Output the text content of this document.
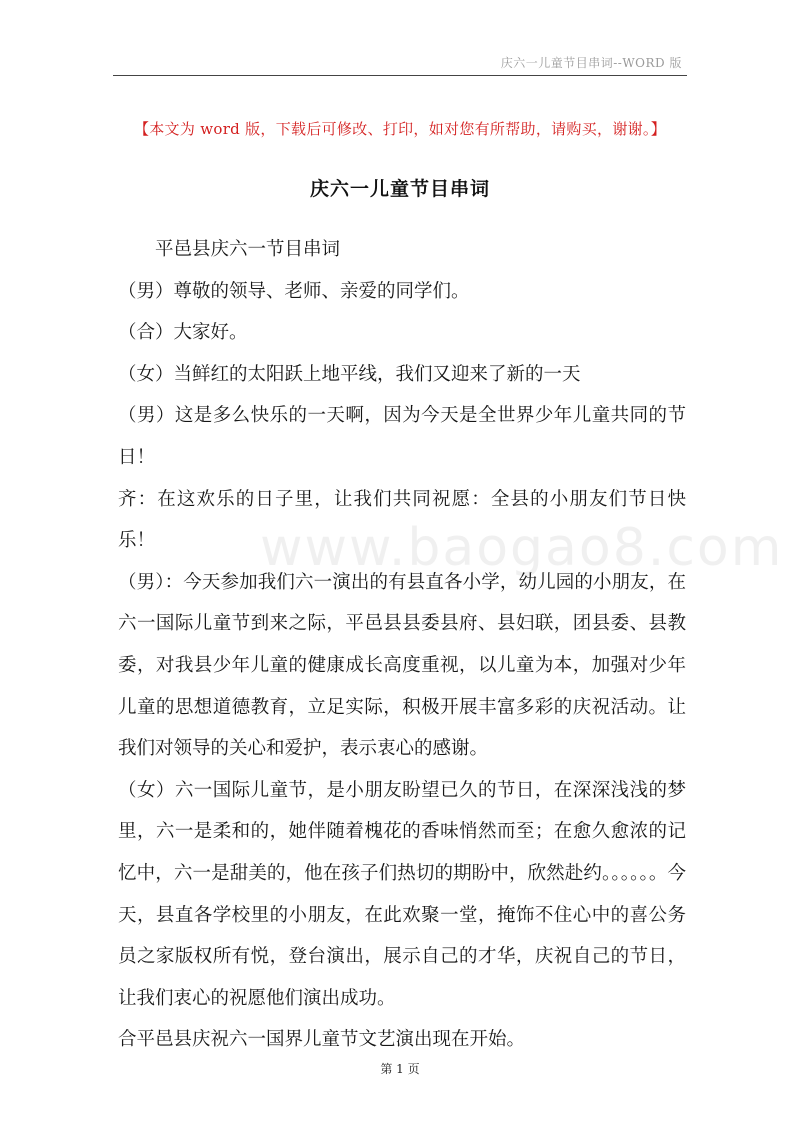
庆六一儿童节目串词--WORD 版
【本文为 word 版，下载后可修改、打印，如对您有所帮助，请购买，谢谢。】
庆六一儿童节目串词
www.baogao8.com

平邑县庆六一节目串词

（男）尊敬的领导、老师、亲爱的同学们。

（合）大家好。

（女）当鲜红的太阳跃上地平线，我们又迎来了新的一天

（男）这是多么快乐的一天啊，因为今天是全世界少年儿童共同的节日！

齐：在这欢乐的日子里，让我们共同祝愿：全县的小朋友们节日快乐！

（男）：今天参加我们六一演出的有县直各小学，幼儿园的小朋友，在六一国际儿童节到来之际，平邑县县委县府、县妇联，团县委、县教委，对我县少年儿童的健康成长高度重视，以儿童为本，加强对少年儿童的思想道德教育，立足实际，积极开展丰富多彩的庆祝活动。让我们对领导的关心和爱护，表示衷心的感谢。

（女）六一国际儿童节，是小朋友盼望已久的节日，在深深浅浅的梦里，六一是柔和的，她伴随着槐花的香味悄然而至；在愈久愈浓的记忆中，六一是甜美的，他在孩子们热切的期盼中，欣然赴约。。。。。。今天，县直各学校里的小朋友，在此欢聚一堂，掩饰不住心中的喜公务员之家版权所有悦，登台演出，展示自己的才华，庆祝自己的节日，让我们衷心的祝愿他们演出成功。

合平邑县庆祝六一国界儿童节文艺演出现在开始。

第 1 页
